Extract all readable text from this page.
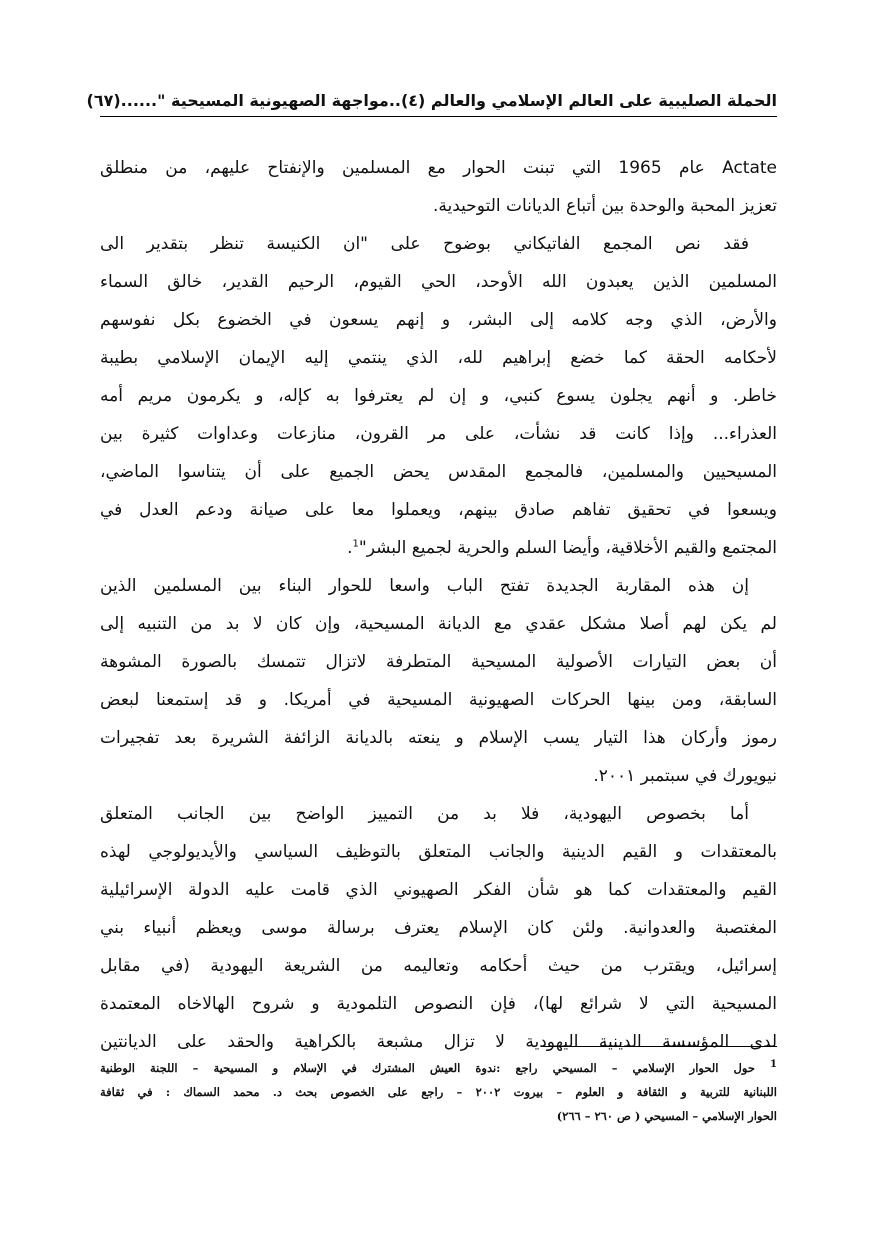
الحملة الصليبية على العالم الإسلامي والعالم (٤)..مواجهة الصهيونية المسيحية "......
(٦٧)
Actate عام 1965 التي تبنت الحوار مع المسلمين والإنفتاح عليهم، من منطلق
تعزيز المحبة والوحدة بين أتباع الديانات التوحيدية.
فقد نص المجمع الفاتيكاني بوضوح على "ان الكنيسة تنظر بتقدير الى
المسلمين الذين يعبدون الله الأوحد، الحي القيوم، الرحيم القدير، خالق السماء
والأرض، الذي وجه كلامه إلى البشر، و إنهم يسعون في الخضوع بكل نفوسهم
لأحكامه الحقة كما خضع إبراهيم لله، الذي ينتمي إليه الإيمان الإسلامي بطيبة
خاطر. و أنهم يجلون يسوع كنبي، و إن لم يعترفوا به كإله، و يكرمون مريم أمه
العذراء... وإذا كانت قد نشأت، على مر القرون، منازعات وعداوات كثيرة بين
المسيحيين والمسلمين، فالمجمع المقدس يحض الجميع على أن يتناسوا الماضي،
ويسعوا في تحقيق تفاهم صادق بينهم، ويعملوا معا على صيانة ودعم العدل في
المجتمع والقيم الأخلاقية، وأيضا السلم والحرية لجميع البشر"$^1$.
إن هذه المقاربة الجديدة تفتح الباب واسعا للحوار البناء بين المسلمين الذين
لم يكن لهم أصلا مشكل عقدي مع الديانة المسيحية، وإن كان لا بد من التنبيه إلى
أن بعض التيارات الأصولية المسيحية المتطرفة لاتزال تتمسك بالصورة المشوهة
السابقة، ومن بينها الحركات الصهيونية المسيحية في أمريكا. و قد إستمعنا لبعض
رموز وأركان هذا التيار يسب الإسلام و ينعته بالديانة الزائفة الشريرة بعد تفجيرات
نيويورك في سبتمبر ٢٠٠١.
أما بخصوص اليهودية، فلا بد من التمييز الواضح بين الجانب المتعلق
بالمعتقدات و القيم الدينية والجانب المتعلق بالتوظيف السياسي والأيديولوجي لهذه
القيم والمعتقدات كما هو شأن الفكر الصهيوني الذي قامت عليه الدولة الإسرائيلية
المغتصبة والعدوانية. ولئن كان الإسلام يعترف برسالة موسى ويعظم أنبياء بني
إسرائيل، ويقترب من حيث أحكامه وتعاليمه من الشريعة اليهودية (في مقابل
المسيحية التي لا شرائع لها)، فإن النصوص التلمودية و شروح الهالاخاه المعتمدة
لدى المؤسسة الدينية اليهودية لا تزال مشبعة بالكراهية والحقد على الديانتين
$^1$ حول الحوار الإسلامي – المسيحي راجع :ندوة العيش المشترك في الإسلام و المسيحية – اللجنة الوطنية
اللبنانية للتربية و الثقافة و العلوم – بيروت ٢٠٠٢ – راجع على الخصوص بحث د. محمد السماك : في ثقافة
الحوار الإسلامي – المسيحي ( ص ٢٦٠ – ٢٦٦)
